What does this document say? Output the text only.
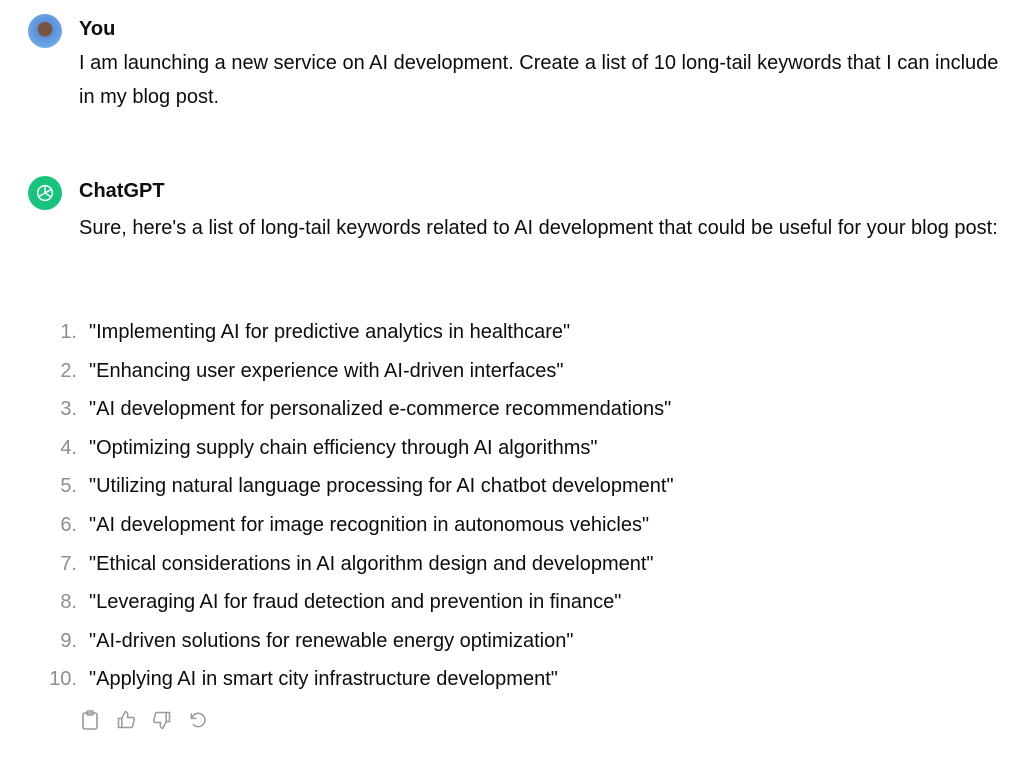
You
I am launching a new service on AI development. Create a list of 10 long-tail keywords that I can include in my blog post.
ChatGPT
Sure, here's a list of long-tail keywords related to AI development that could be useful for your blog post:
1. "Implementing AI for predictive analytics in healthcare"
2. "Enhancing user experience with AI-driven interfaces"
3. "AI development for personalized e-commerce recommendations"
4. "Optimizing supply chain efficiency through AI algorithms"
5. "Utilizing natural language processing for AI chatbot development"
6. "AI development for image recognition in autonomous vehicles"
7. "Ethical considerations in AI algorithm design and development"
8. "Leveraging AI for fraud detection and prevention in finance"
9. "AI-driven solutions for renewable energy optimization"
10. "Applying AI in smart city infrastructure development"
